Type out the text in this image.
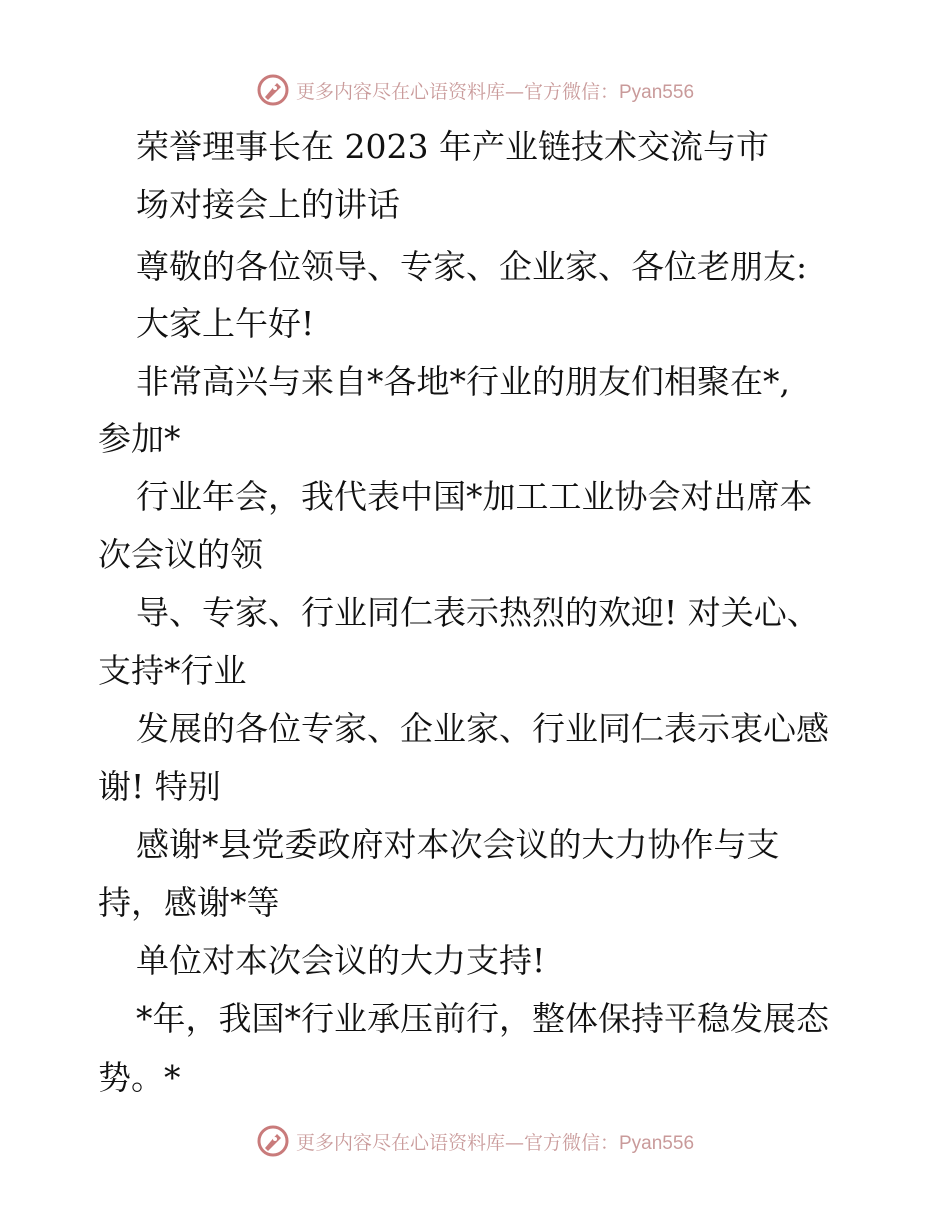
更多内容尽在心语资料库—官方微信：Pyan556
荣誉理事长在 2023 年产业链技术交流与市
场对接会上的讲话
尊敬的各位领导、专家、企业家、各位老朋友:
大家上午好!
非常高兴与来自*各地*行业的朋友们相聚在*,
参加*
行业年会，我代表中国*加工工业协会对出席本
次会议的领
导、专家、行业同仁表示热烈的欢迎! 对关心、
支持*行业
发展的各位专家、企业家、行业同仁表示衷心感
谢! 特别
感谢*县党委政府对本次会议的大力协作与支
持，感谢*等
单位对本次会议的大力支持!
*年，我国*行业承压前行，整体保持平稳发展态
势。*
更多内容尽在心语资料库—官方微信：Pyan556
